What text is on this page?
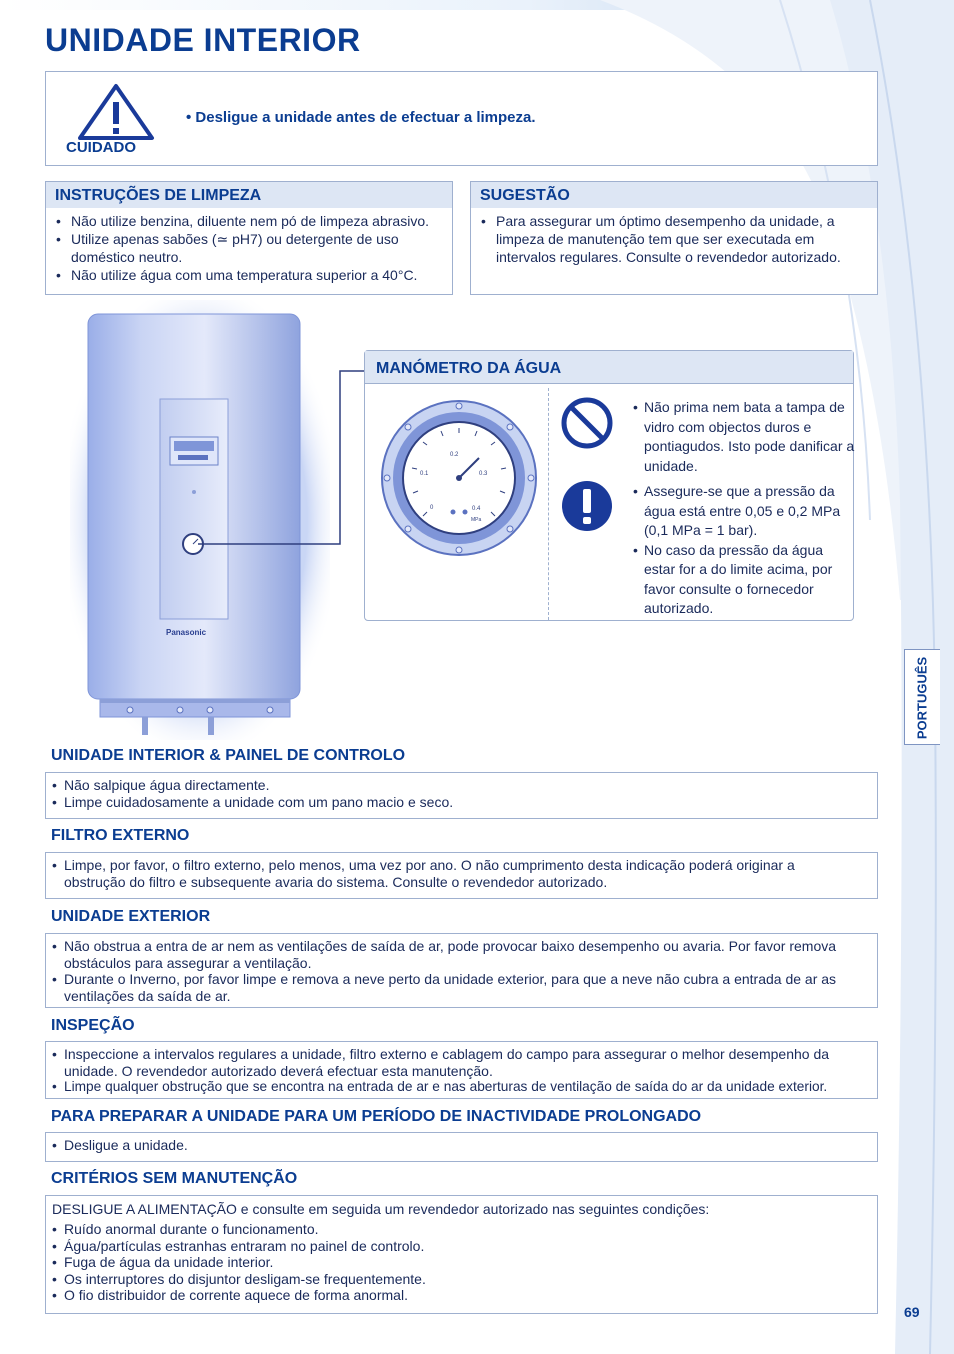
UNIDADE INTERIOR
CUIDADO
• Desligue a unidade antes de efectuar a limpeza.
INSTRUÇÕES DE LIMPEZA
• Não utilize benzina, diluente nem pó de limpeza abrasivo.
• Utilize apenas sabões (≃ pH7) ou detergente de uso doméstico neutro.
• Não utilize água com uma temperatura superior a 40°C.
SUGESTÃO
• Para assegurar um óptimo desempenho da unidade, a limpeza de manutenção tem que ser executada em intervalos regulares. Consulte o revendedor autorizado.
Panasonic
MANÓMETRO DA ÁGUA
0
0.1
0.2
0.3
0.4
MPa
• Não prima nem bata a tampa de vidro com objectos duros e pontiagudos. Isto pode danificar a unidade.
• Assegure-se que a pressão da água está entre 0,05 e 0,2 MPa (0,1 MPa = 1 bar).
• No caso da pressão da água estar for a do limite acima, por favor consulte o fornecedor autorizado.
UNIDADE INTERIOR & PAINEL DE CONTROLO
• Não salpique água directamente.
• Limpe cuidadosamente a unidade com um pano macio e seco.
FILTRO EXTERNO
• Limpe, por favor, o filtro externo, pelo menos, uma vez por ano. O não cumprimento desta indicação poderá originar a obstrução do filtro e subsequente avaria do sistema. Consulte o revendedor autorizado.
UNIDADE EXTERIOR
• Não obstrua a entra de ar nem as ventilações de saída de ar, pode provocar baixo desempenho ou avaria. Por favor remova obstáculos para assegurar a ventilação.
• Durante o Inverno, por favor limpe e remova a neve perto da unidade exterior, para que a neve não cubra a entrada de ar as ventilações da saída de ar.
INSPEÇÃO
• Inspeccione a intervalos regulares a unidade, filtro externo e cablagem do campo para assegurar o melhor desempenho da unidade. O revendedor autorizado deverá efectuar esta manutenção.
• Limpe qualquer obstrução que se encontra na entrada de ar e nas aberturas de ventilação de saída do ar da unidade exterior.
PARA PREPARAR A UNIDADE PARA UM PERÍODO DE INACTIVIDADE PROLONGADO
• Desligue a unidade.
CRITÉRIOS SEM MANUTENÇÃO

DESLIGUE A ALIMENTAÇÃO e consulte em seguida um revendedor autorizado nas seguintes condições:

• Ruído anormal durante o funcionamento.
• Água/partículas estranhas entraram no painel de controlo.
• Fuga de água da unidade interior.
• Os interruptores do disjuntor desligam-se frequentemente.
• O fio distribuidor de corrente aquece de forma anormal.
PORTUGUÊS
69
